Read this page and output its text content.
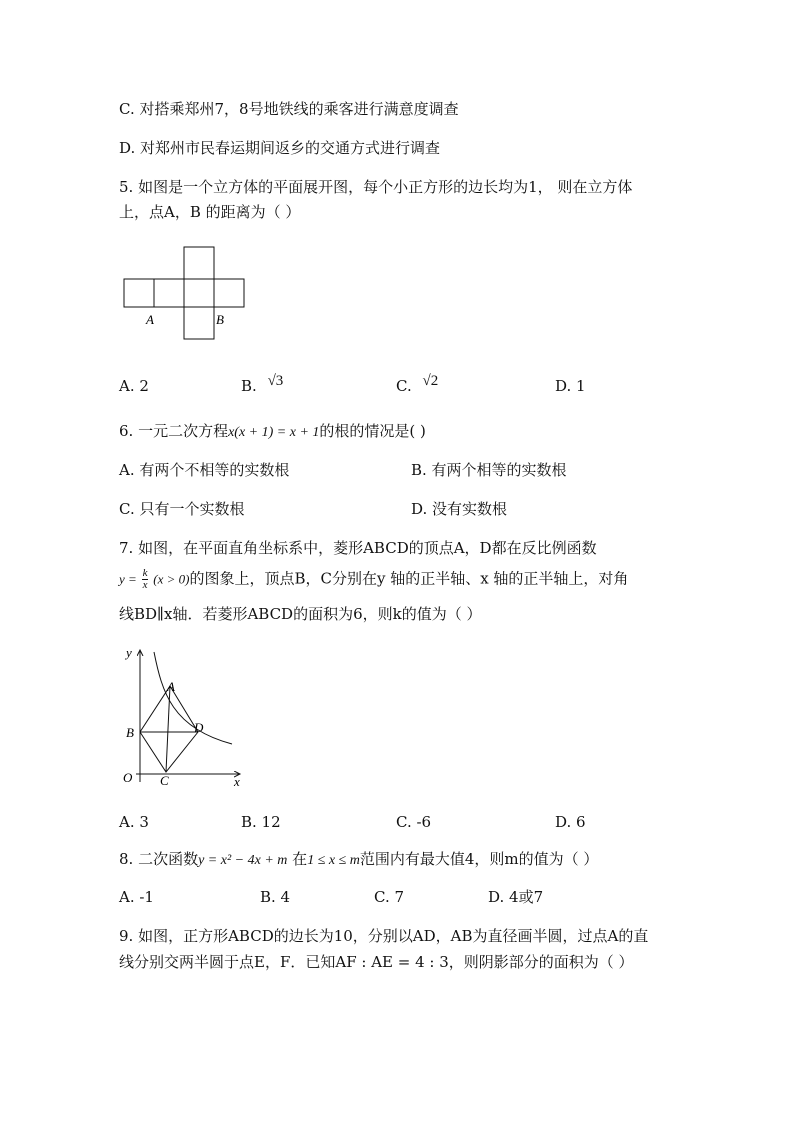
C. 对搭乘郑州7，8号地铁线的乘客进行满意度调查
D. 对郑州市民春运期间返乡的交通方式进行调查
5. 如图是一个立方体的平面展开图，每个小正方形的边长均为1， 则在立方体
上，点A，B 的距离为（ ）
A	B
A. 2	B. √3	C. √2	D. 1
6. 一元二次方程x(x + 1) = x + 1的根的情况是( )
A. 有两个不相等的实数根	B. 有两个相等的实数根
C. 只有一个实数根	D. 没有实数根
7. 如图，在平面直角坐标系中，菱形ABCD的顶点A，D都在反比例函数
$y = \frac{k}{x} (x > 0)$的图象上，顶点B，C分别在y 轴的正半轴、x 轴的正半轴上，对角
线BD∥x轴．若菱形ABCD的面积为6，则k的值为（ ）
y
x
O
A
B
C
D
A. 3	B. 12	C. -6	D. 6
8. 二次函数y = x² − 4x + m 在1 ≤ x ≤ m范围内有最大值4，则m的值为（ ）
A. -1	B. 4	C. 7	D. 4或7
9. 如图，正方形ABCD的边长为10，分别以AD，AB为直径画半圆，过点A的直
线分别交两半圆于点E，F．已知AF : AE = 4 : 3，则阴影部分的面积为（ ）
